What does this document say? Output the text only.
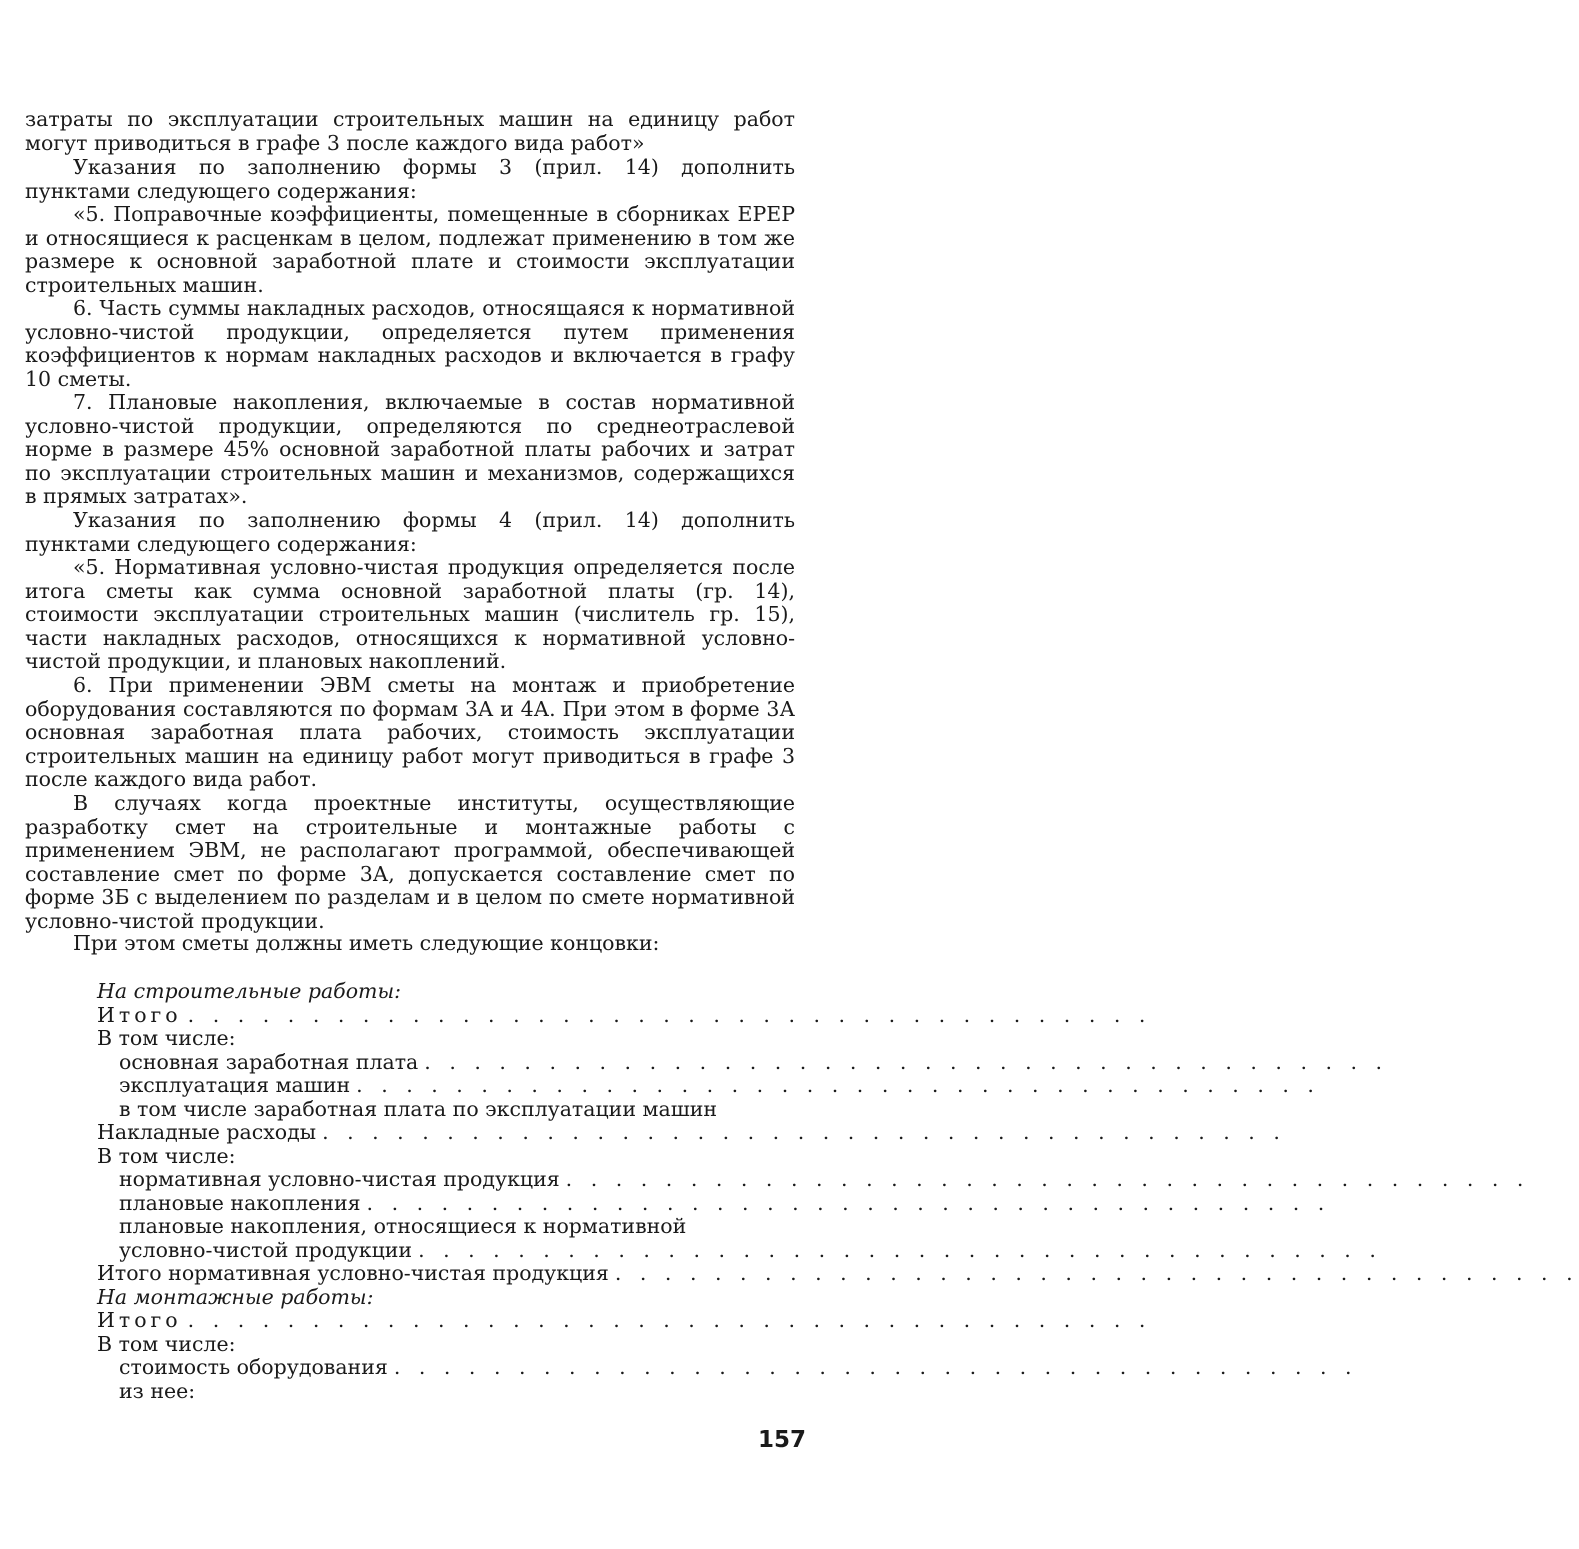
затраты по эксплуатации строительных машин на единицу работ могут приводиться в графе 3 после каждого вида работ»

Указания по заполнению формы 3 (прил. 14) дополнить пунктами следующего содержания:

«5. Поправочные коэффициенты, помещенные в сборниках ЕРЕР и относящиеся к расценкам в целом, подлежат применению в том же размере к основной заработной плате и стоимости эксплуатации строительных машин.

6. Часть суммы накладных расходов, относящаяся к нормативной условно-чистой продукции, определяется путем применения коэффициентов к нормам накладных расходов и включается в графу 10 сметы.

7. Плановые накопления, включаемые в состав нормативной условно-чистой продукции, определяются по среднеотраслевой норме в размере 45% основной заработной платы рабочих и затрат по эксплуатации строительных машин и механизмов, содержащихся в прямых затратах».

Указания по заполнению формы 4 (прил. 14) дополнить пунктами следующего содержания:

«5. Нормативная условно-чистая продукция определяется после итога сметы как сумма основной заработной платы (гр. 14), стоимости эксплуатации строительных машин (числитель гр. 15), части накладных расходов, относящихся к нормативной условно-чистой продукции, и плановых накоплений.

6. При применении ЭВМ сметы на монтаж и приобретение оборудования составляются по формам 3А и 4А. При этом в форме 3А основная заработная плата рабочих, стоимость эксплуатации строительных машин на единицу работ могут приводиться в графе 3 после каждого вида работ.

В случаях когда проектные институты, осуществляющие разработку смет на строительные и монтажные работы с применением ЭВМ, не располагают программой, обеспечивающей составление смет по форме 3А, допускается составление смет по форме 3Б с выделением по разделам и в целом по смете нормативной условно-чистой продукции.

При этом сметы должны иметь следующие концовки:

На строительные работы:
Итого . . . . . . . . . . . . . . . . . . . . . . . . . . . . . . . . . . . . . . .
В том числе:
основная заработная плата . . . . . . . . . . . . . . . . . . . . . . . . . . . . . . . . . . . . . . .
эксплуатация машин . . . . . . . . . . . . . . . . . . . . . . . . . . . . . . . . . . . . . . .
в том числе заработная плата по эксплуатации машин
Накладные расходы . . . . . . . . . . . . . . . . . . . . . . . . . . . . . . . . . . . . . . .
В том числе:
нормативная условно-чистая продукция . . . . . . . . . . . . . . . . . . . . . . . . . . . . . . . . . . . . . . .
плановые накопления . . . . . . . . . . . . . . . . . . . . . . . . . . . . . . . . . . . . . . .
плановые накопления, относящиеся к нормативной
условно-чистой продукции . . . . . . . . . . . . . . . . . . . . . . . . . . . . . . . . . . . . . . .
Итого нормативная условно-чистая продукция . . . . . . . . . . . . . . . . . . . . . . . . . . . . . . . . . . . . . . .
На монтажные работы:
Итого . . . . . . . . . . . . . . . . . . . . . . . . . . . . . . . . . . . . . . .
В том числе:
стоимость оборудования . . . . . . . . . . . . . . . . . . . . . . . . . . . . . . . . . . . . . . .
из нее:
157
